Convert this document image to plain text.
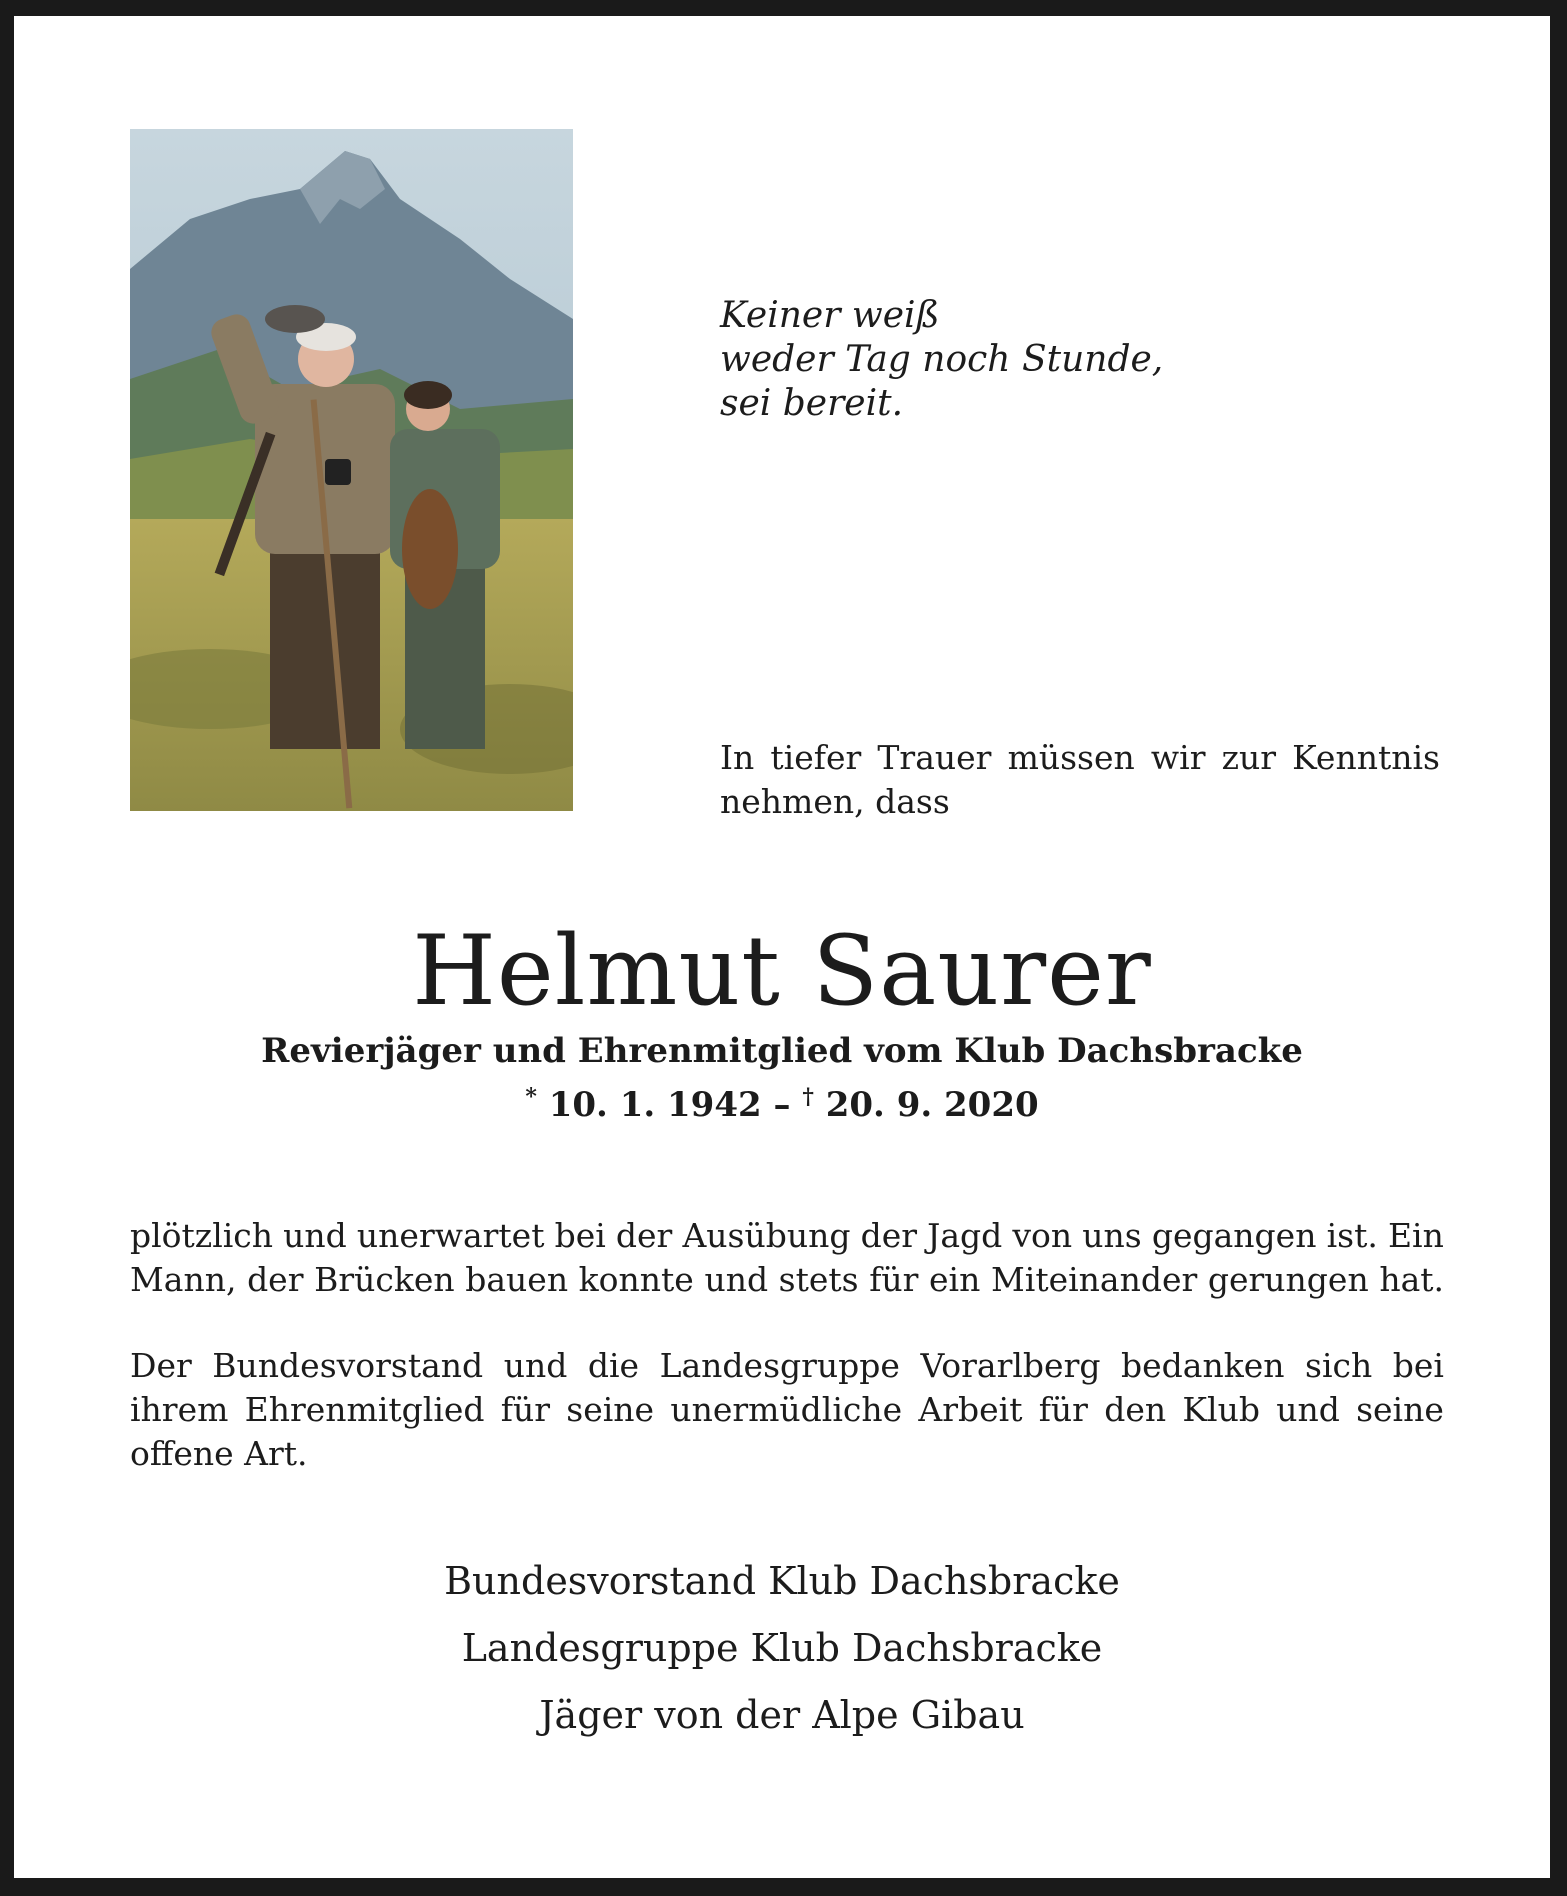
Keiner weiß
weder Tag noch Stunde,
sei bereit.
In tiefer Trauer müssen wir zur Kenntnis
nehmen, dass
Helmut Saurer
Revierjäger und Ehrenmitglied vom Klub Dachsbracke
* 10. 1. 1942 – † 20. 9. 2020
plötzlich und unerwartet bei der Ausübung der Jagd von uns gegangen ist. Ein
Mann, der Brücken bauen konnte und stets für ein Miteinander gerungen hat.
Der Bundesvorstand und die Landesgruppe Vorarlberg bedanken sich bei
ihrem Ehrenmitglied für seine unermüdliche Arbeit für den Klub und seine
offene Art.
Bundesvorstand Klub Dachsbracke
Landesgruppe Klub Dachsbracke
Jäger von der Alpe Gibau
